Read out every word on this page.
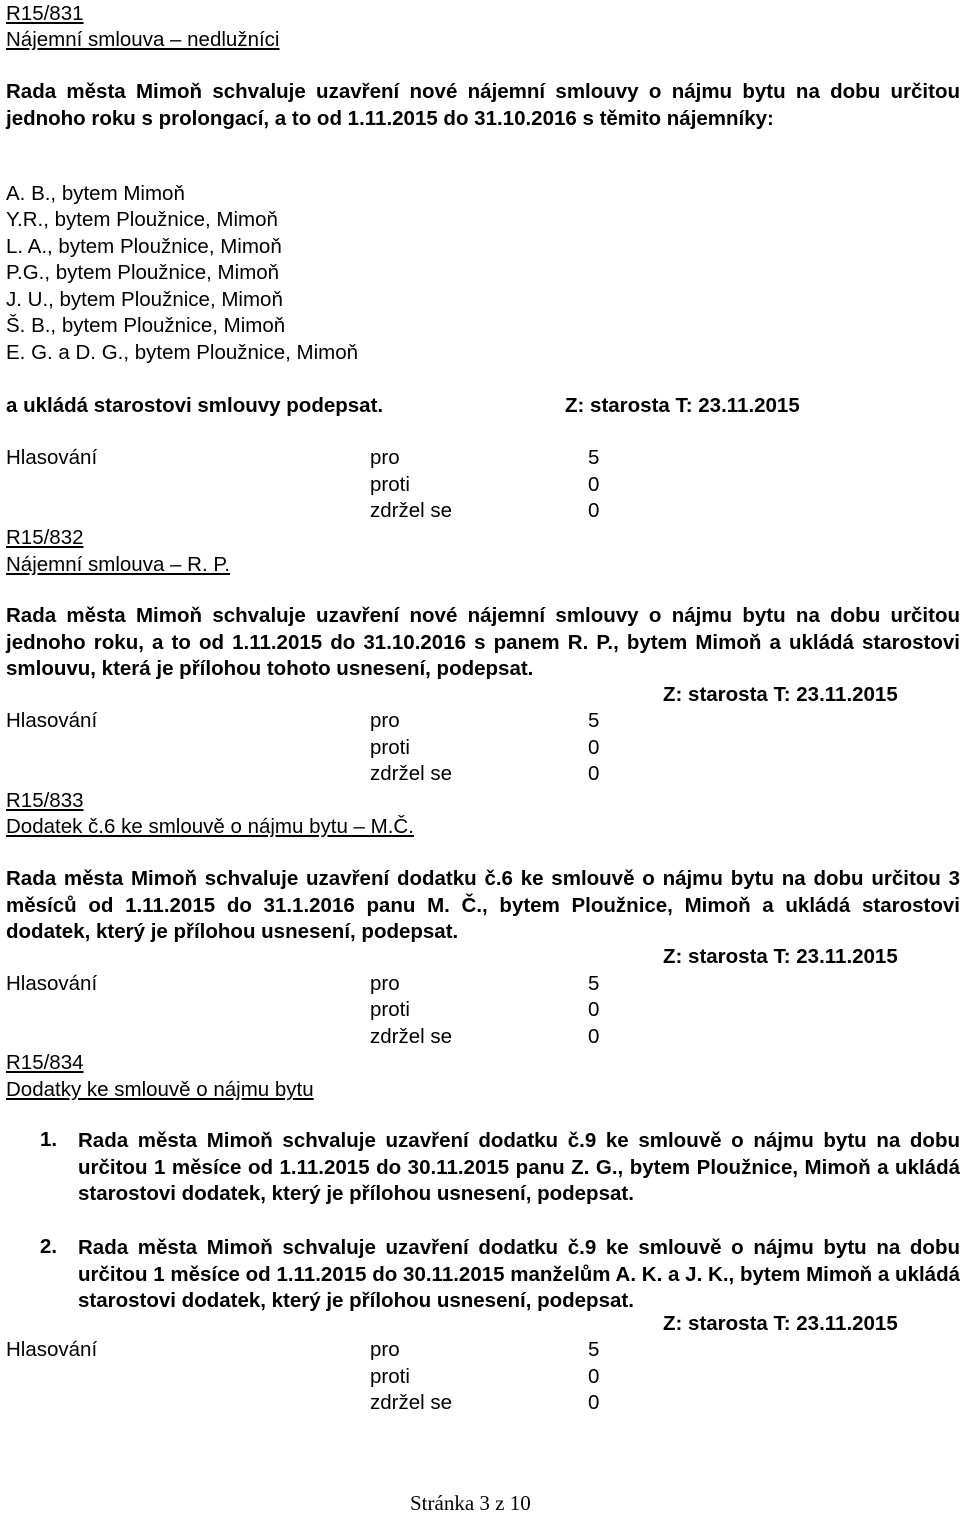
R15/831
Nájemní smlouva – nedlužníci
Rada města Mimoň schvaluje uzavření nové nájemní smlouvy o nájmu bytu na dobu určitou jednoho roku s prolongací, a to od 1.11.2015 do 31.10.2016 s těmito nájemníky:
A. B., bytem Mimoň
Y.R., bytem Ploužnice, Mimoň
L. A., bytem Ploužnice, Mimoň
P.G., bytem Ploužnice, Mimoň
J. U., bytem Ploužnice, Mimoň
Š. B., bytem Ploužnice, Mimoň
E. G. a D. G., bytem Ploužnice, Mimoň
a ukládá starostovi smlouvy podepsat.	Z: starosta T: 23.11.2015
Hlasování	pro	5
proti	0
zdržel se	0
R15/832
Nájemní smlouva – R. P.
Rada města Mimoň schvaluje uzavření nové nájemní smlouvy o nájmu bytu na dobu určitou jednoho roku, a to od 1.11.2015 do 31.10.2016 s panem R. P., bytem Mimoň a ukládá starostovi smlouvu, která je přílohou tohoto usnesení, podepsat.
Z: starosta T: 23.11.2015
Hlasování	pro	5
proti	0
zdržel se	0
R15/833
Dodatek č.6 ke smlouvě o nájmu bytu – M.Č.
Rada města Mimoň schvaluje uzavření dodatku č.6 ke smlouvě o nájmu bytu na dobu určitou 3 měsíců od 1.11.2015 do 31.1.2016 panu M. Č., bytem Ploužnice, Mimoň a ukládá starostovi dodatek, který je přílohou usnesení, podepsat.
Z: starosta T: 23.11.2015
Hlasování	pro	5
proti	0
zdržel se	0
R15/834
Dodatky ke smlouvě o nájmu bytu
1. Rada města Mimoň schvaluje uzavření dodatku č.9 ke smlouvě o nájmu bytu na dobu určitou 1 měsíce od 1.11.2015 do 30.11.2015 panu Z. G., bytem Ploužnice, Mimoň a ukládá starostovi dodatek, který je přílohou usnesení, podepsat.
2. Rada města Mimoň schvaluje uzavření dodatku č.9 ke smlouvě o nájmu bytu na dobu určitou 1 měsíce od 1.11.2015 do 30.11.2015 manželům A. K. a J. K., bytem Mimoň a ukládá starostovi dodatek, který je přílohou usnesení, podepsat.
Z: starosta T: 23.11.2015
Hlasování	pro	5
proti	0
zdržel se	0
Stránka 3 z 10
